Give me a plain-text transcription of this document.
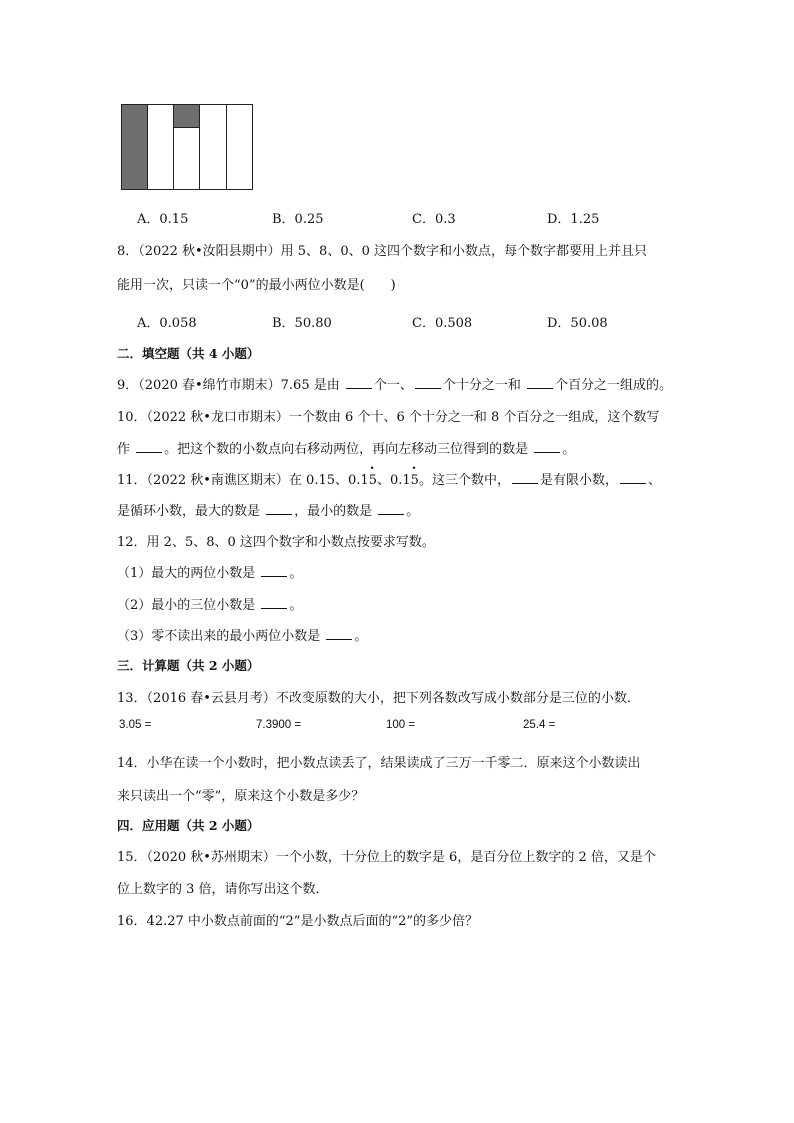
A．0.15	B．0.25	C．0.3	D．1.25
8．（2022 秋•汝阳县期中）用 5、8、0、0 这四个数字和小数点，每个数字都要用上并且只
能用一次，只读一个“0”的最小两位小数是(　　)
A．0.058	B．50.80	C．0.508	D．50.08
二．填空题（共 4 小题）
9．（2020 春•绵竹市期末）7.65 是由 个一、 个十分之一和 个百分之一组成的。
10．（2022 秋•龙口市期末）一个数由 6 个十、6 个十分之一和 8 个百分之一组成，这个数写
作 。把这个数的小数点向右移动两位，再向左移动三位得到的数是 。
11．（2022 秋•南谯区期末）在 0.15、0.15 •、0.15 •。这三个数中， 是有限小数， 、
是循环小数，最大的数是 ，最小的数是 。
12．用 2、5、8、0 这四个数字和小数点按要求写数。
（1）最大的两位小数是 。
（2）最小的三位小数是 。
（3）零不读出来的最小两位小数是 。
三．计算题（共 2 小题）
13．（2016 春•云县月考）不改变原数的大小，把下列各数改写成小数部分是三位的小数．
3.05 =	7.3900 =	100 =	25.4 =
14．小华在读一个小数时，把小数点读丢了，结果读成了三万一千零二．原来这个小数读出
来只读出一个“零”，原来这个小数是多少？
四．应用题（共 2 小题）
15．（2020 秋•苏州期末）一个小数，十分位上的数字是 6，是百分位上数字的 2 倍，又是个
位上数字的 3 倍，请你写出这个数．
16．42.27 中小数点前面的“2”是小数点后面的“2”的多少倍？
